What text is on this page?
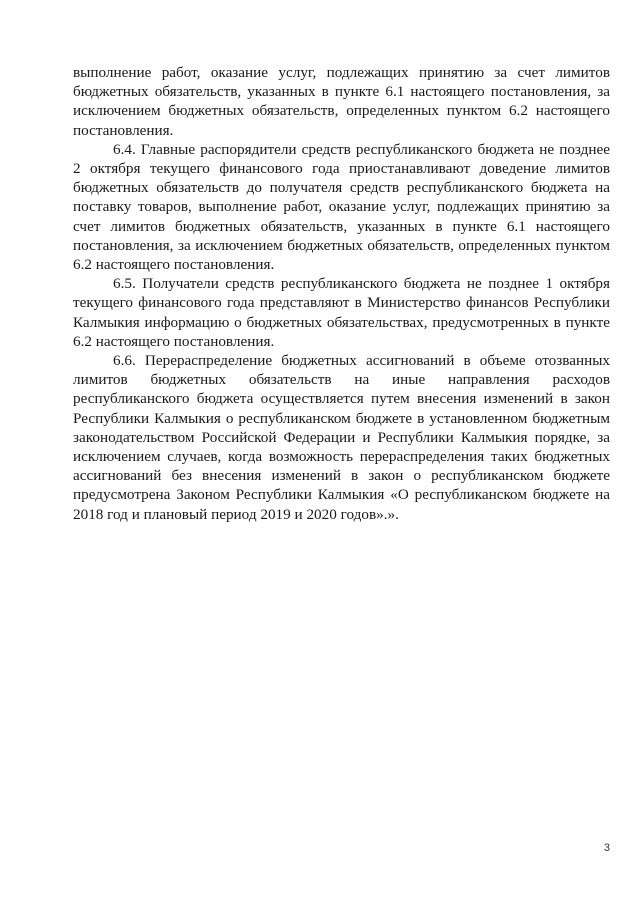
выполнение работ, оказание услуг, подлежащих принятию за счет лимитов бюджетных обязательств, указанных в пункте 6.1 настоящего постановления, за исключением бюджетных обязательств, определенных пунктом 6.2 настоящего постановления.

6.4. Главные распорядители средств республиканского бюджета не позднее 2 октября текущего финансового года приостанавливают доведение лимитов бюджетных обязательств до получателя средств республиканского бюджета на поставку товаров, выполнение работ, оказание услуг, подлежащих принятию за счет лимитов бюджетных обязательств, указанных в пункте 6.1 настоящего постановления, за исключением бюджетных обязательств, определенных пунктом 6.2 настоящего постановления.

6.5. Получатели средств республиканского бюджета не позднее 1 октября текущего финансового года представляют в Министерство финансов Республики Калмыкия информацию о бюджетных обязательствах, предусмотренных в пункте 6.2 настоящего постановления.

6.6. Перераспределение бюджетных ассигнований в объеме отозванных лимитов бюджетных обязательств на иные направления расходов республиканского бюджета осуществляется путем внесения изменений в закон Республики Калмыкия о республиканском бюджете в установленном бюджетным законодательством Российской Федерации и Республики Калмыкия порядке, за исключением случаев, когда возможность перераспределения таких бюджетных ассигнований без внесения изменений в закон о республиканском бюджете предусмотрена Законом Республики Калмыкия «О республиканском бюджете на 2018 год и плановый период 2019 и 2020 годов».».

3
